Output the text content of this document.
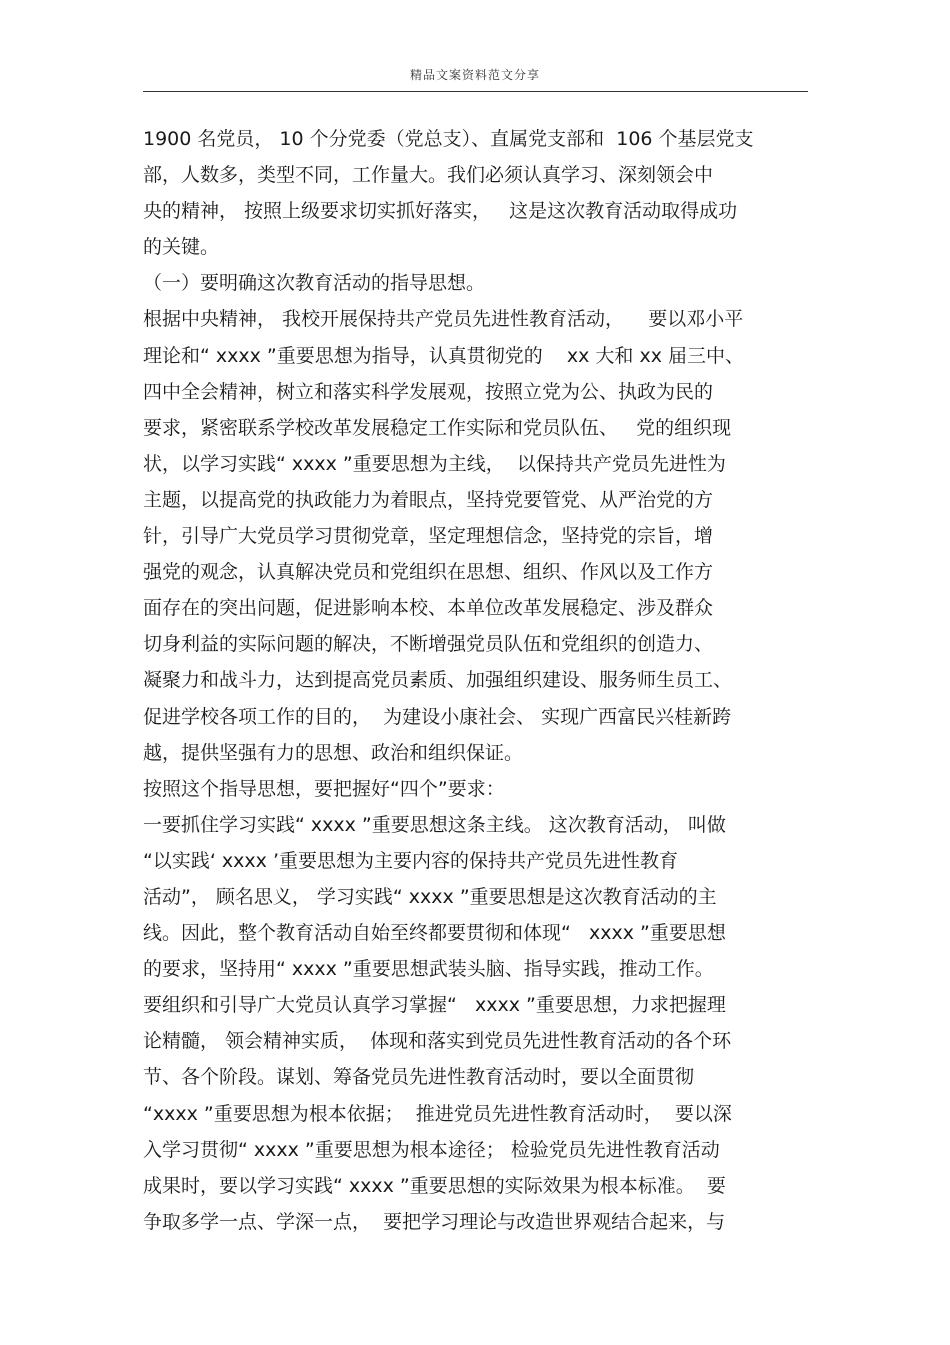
精品文案资料范文分享
1900 名党员， 10 个分党委（党总支）、直属党支部和  106 个基层党支
部，人数多，类型不同，工作量大。我们必须认真学习、深刻领会中
央的精神， 按照上级要求切实抓好落实，   这是这次教育活动取得成功
的关键。
（一）要明确这次教育活动的指导思想。
根据中央精神， 我校开展保持共产党员先进性教育活动，    要以邓小平
理论和“ xxxx ”重要思想为指导，认真贯彻党的    xx 大和 xx 届三中、
四中全会精神，树立和落实科学发展观，按照立党为公、执政为民的
要求，紧密联系学校改革发展稳定工作实际和党员队伍、   党的组织现
状，以学习实践“ xxxx ”重要思想为主线，  以保持共产党员先进性为
主题，以提高党的执政能力为着眼点，坚持党要管党、从严治党的方
针，引导广大党员学习贯彻党章，坚定理想信念，坚持党的宗旨，增
强党的观念，认真解决党员和党组织在思想、组织、作风以及工作方
面存在的突出问题，促进影响本校、本单位改革发展稳定、涉及群众
切身利益的实际问题的解决，不断增强党员队伍和党组织的创造力、
凝聚力和战斗力，达到提高党员素质、加强组织建设、服务师生员工、
促进学校各项工作的目的，  为建设小康社会、 实现广西富民兴桂新跨
越，提供坚强有力的思想、政治和组织保证。
按照这个指导思想，要把握好“四个”要求：
一要抓住学习实践“ xxxx ”重要思想这条主线。 这次教育活动， 叫做
“以实践‘ xxxx ’重要思想为主要内容的保持共产党员先进性教育
活动”， 顾名思义， 学习实践“ xxxx ”重要思想是这次教育活动的主
线。因此，整个教育活动自始至终都要贯彻和体现“   xxxx ”重要思想
的要求，坚持用“ xxxx ”重要思想武装头脑、指导实践，推动工作。
要组织和引导广大党员认真学习掌握“   xxxx ”重要思想，力求把握理
论精髓， 领会精神实质，  体现和落实到党员先进性教育活动的各个环
节、各个阶段。谋划、筹备党员先进性教育活动时，要以全面贯彻
“xxxx ”重要思想为根本依据；  推进党员先进性教育活动时，  要以深
入学习贯彻“ xxxx ”重要思想为根本途径； 检验党员先进性教育活动
成果时，要以学习实践“ xxxx ”重要思想的实际效果为根本标准。  要
争取多学一点、学深一点，  要把学习理论与改造世界观结合起来，与
